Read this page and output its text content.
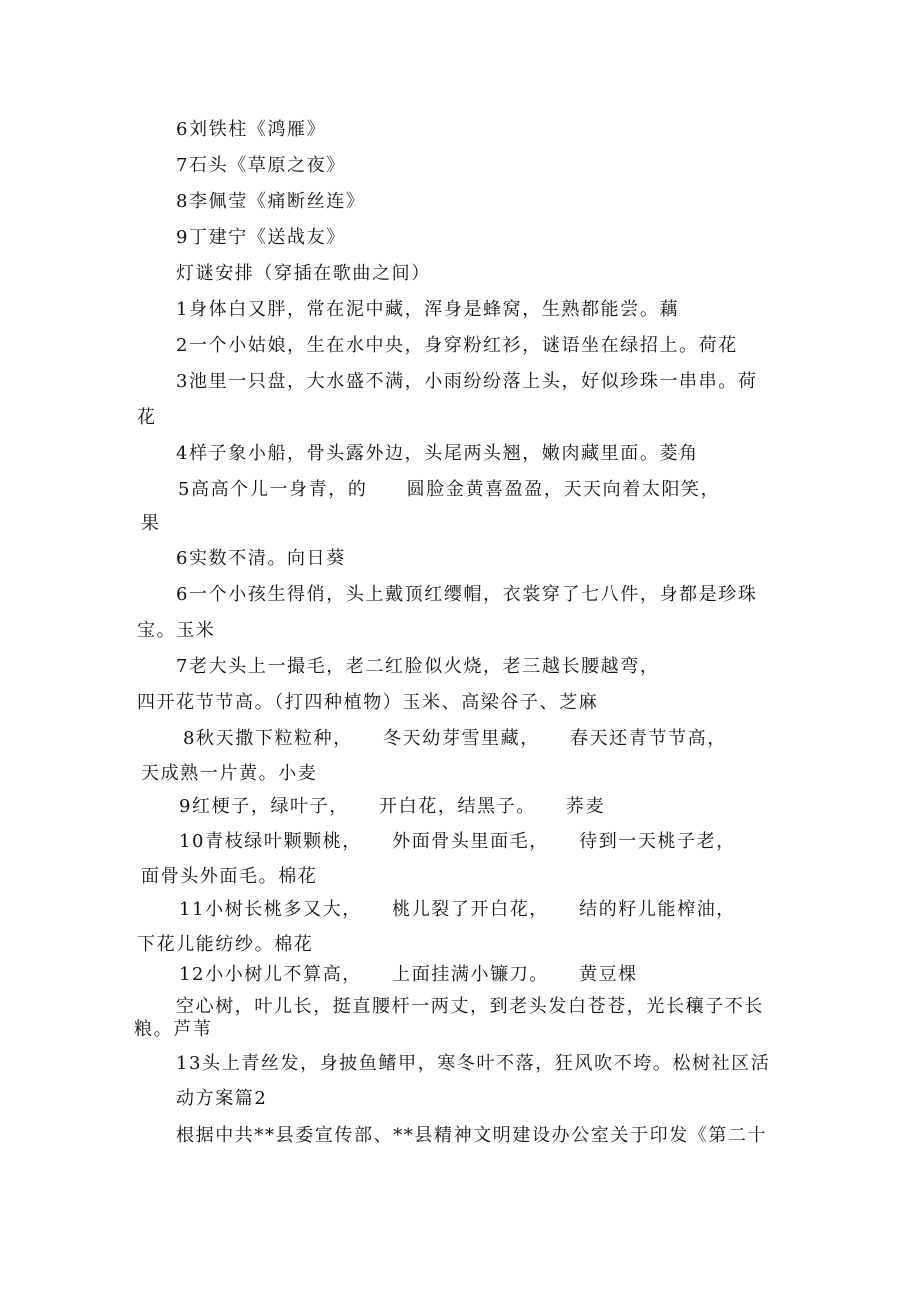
6刘铁柱《鸿雁》
7石头《草原之夜》
8李佩莹《痛断丝连》
9丁建宁《送战友》
灯谜安排（穿插在歌曲之间）
1身体白又胖，常在泥中藏，浑身是蜂窝，生熟都能尝。藕
2一个小姑娘，生在水中央，身穿粉红衫，谜语坐在绿招上。荷花
3池里一只盘，大水盛不满，小雨纷纷落上头，好似珍珠一串串。荷
花
4样子象小船，骨头露外边，头尾两头翘，嫩肉藏里面。菱角
5高高个儿一身青，的　　圆脸金黄喜盈盈，天天向着太阳笑，
果
6实数不清。向日葵
6一个小孩生得俏，头上戴顶红缨帽，衣裳穿了七八件，身都是珍珠
宝。玉米
7老大头上一撮毛，老二红脸似火烧，老三越长腰越弯，
四开花节节高。（打四种植物）玉米、高梁谷子、芝麻
8秋天撒下粒粒种，　　冬天幼芽雪里藏，　　春天还青节节高，
天成熟一片黄。小麦
9红梗子，绿叶子，　　开白花，结黑子。　　荞麦
10青枝绿叶颗颗桃，　　外面骨头里面毛，　　待到一天桃子老，
面骨头外面毛。棉花
11小树长桃多又大，　　桃儿裂了开白花，　　结的籽儿能榨油，
下花儿能纺纱。棉花
12小小树儿不算高，　　上面挂满小镰刀。　　黄豆棵
空心树，叶儿长，挺直腰杆一两丈，到老头发白苍苍，光长穰子不长
粮。芦苇
13头上青丝发，身披鱼鳍甲，寒冬叶不落，狂风吹不垮。松树社区活
动方案篇2
根据中共**县委宣传部、**县精神文明建设办公室关于印发《第二十
